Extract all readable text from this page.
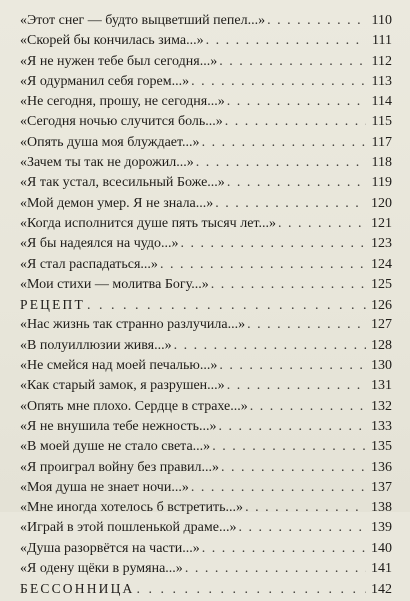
«Этот снег — будто выцветший пепел...» . . .	110
«Скорей бы кончилась зима...» . . .	111
«Я не нужен тебе был сегодня...» . . .	112
«Я одурманил себя горем...» . . .	113
«Не сегодня, прошу, не сегодня...» . . .	114
«Сегодня ночью случится боль...» . . .	115
«Опять душа моя блуждает...» . . .	117
«Зачем ты так не дорожил...» . . .	118
«Я так устал, всесильный Боже...» . . .	119
«Мой демон умер. Я не знала...» . . .	120
«Когда исполнится душе пять тысяч лет...» . . .	121
«Я бы надеялся на чудо...» . . .	123
«Я стал распадаться...» . . .	124
«Мои стихи — молитва Богу...» . . .	125
РЕЦЕПТ . . .	126
«Нас жизнь так странно разлучила...» . . .	127
«В полуиллюзии живя...» . . .	128
«Не смейся над моей печалью...» . . .	130
«Как старый замок, я разрушен...» . . .	131
«Опять мне плохо. Сердце в страхе...» . . .	132
«Я не внушила тебе нежность...» . . .	133
«В моей душе не стало света...» . . .	135
«Я проиграл войну без правил...» . . .	136
«Моя душа не знает ночи...» . . .	137
«Мне иногда хотелось б встретить...» . . .	138
«Играй в этой пошленькой драме...» . . .	139
«Душа разорвётся на части...» . . .	140
«Я одену щёки в румяна...» . . .	141
БЕССОННИЦА . . .	142
